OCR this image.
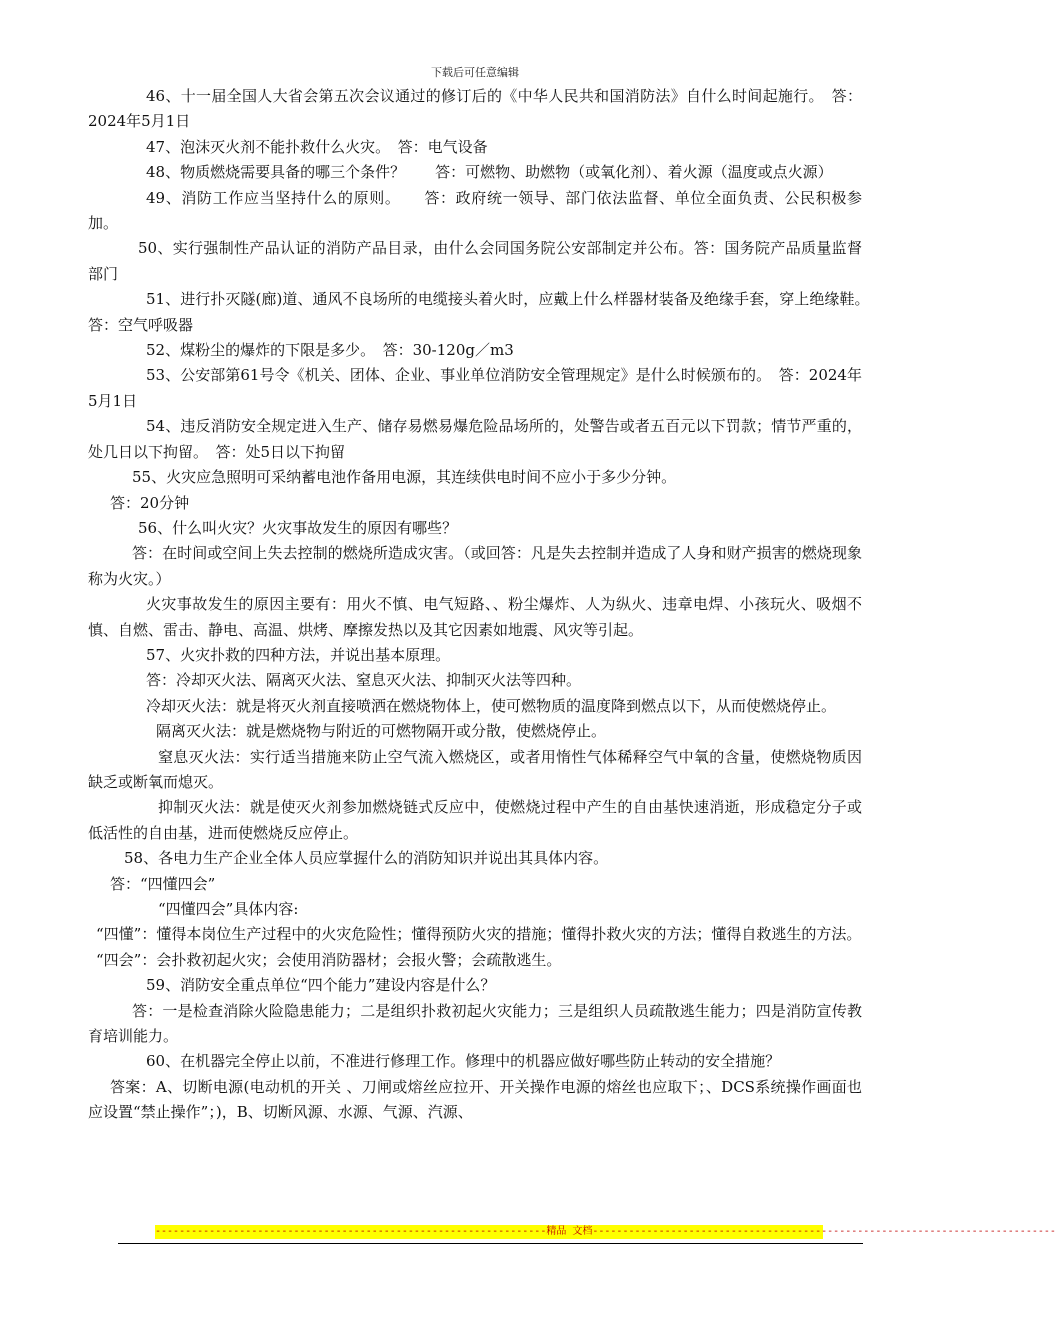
下载后可任意编辑

46、十一届全国人大省会第五次会议通过的修订后的《中华人民共和国消防法》自什么时间起施行。　答：2024年5月1日

47、泡沫灭火剂不能扑救什么火灾。　答：电气设备

48、物质燃烧需要具备的哪三个条件？　　答：可燃物、助燃物（或氧化剂）、着火源（温度或点火源）

49、消防工作应当坚持什么的原则。　　答：政府统一领导、部门依法监督、单位全面负责、公民积极参加。

50、实行强制性产品认证的消防产品目录，由什么会同国务院公安部制定并公布。答：国务院产品质量监督部门

51、进行扑灭隧(廊)道、通风不良场所的电缆接头着火时，应戴上什么样器材装备及绝缘手套，穿上绝缘鞋。　　答：空气呼吸器

52、煤粉尘的爆炸的下限是多少。　答：30-120g／m3

53、公安部第61号令《机关、团体、企业、事业单位消防安全管理规定》是什么时候颁布的。　答：2024年5月1日

54、违反消防安全规定进入生产、储存易燃易爆危险品场所的，处警告或者五百元以下罚款；情节严重的，处几日以下拘留。　答：处5日以下拘留

55、火灾应急照明可采纳蓄电池作备用电源，其连续供电时间不应小于多少分钟。

答：20分钟

56、什么叫火灾？火灾事故发生的原因有哪些？

答：在时间或空间上失去控制的燃烧所造成灾害。（或回答：凡是失去控制并造成了人身和财产损害的燃烧现象称为火灾。）

火灾事故发生的原因主要有：用火不慎、电气短路、、粉尘爆炸、人为纵火、违章电焊、小孩玩火、吸烟不慎、自燃、雷击、静电、高温、烘烤、摩擦发热以及其它因素如地震、风灾等引起。

57、火灾扑救的四种方法，并说出基本原理。

答：冷却灭火法、隔离灭火法、窒息灭火法、抑制灭火法等四种。

冷却灭火法：就是将灭火剂直接喷洒在燃烧物体上，使可燃物质的温度降到燃点以下，从而使燃烧停止。

隔离灭火法：就是燃烧物与附近的可燃物隔开或分散，使燃烧停止。

窒息灭火法：实行适当措施来防止空气流入燃烧区，或者用惰性气体稀释空气中氧的含量，使燃烧物质因缺乏或断氧而熄灭。

抑制灭火法：就是使灭火剂参加燃烧链式反应中，使燃烧过程中产生的自由基快速消逝，形成稳定分子或低活性的自由基，进而使燃烧反应停止。

58、各电力生产企业全体人员应掌握什么的消防知识并说出其具体内容。

答：“四懂四会”

“四懂四会”具体内容:

“四懂”：懂得本岗位生产过程中的火灾危险性；懂得预防火灾的措施；懂得扑救火灾的方法；懂得自救逃生的方法。

“四会”：会扑救初起火灾；会使用消防器材；会报火警；会疏散逃生。

59、消防安全重点单位“四个能力”建设内容是什么？

答：一是检查消除火险隐患能力；二是组织扑救初起火灾能力；三是组织人员疏散逃生能力；四是消防宣传教育培训能力。

60、在机器完全停止以前，不准进行修理工作。修理中的机器应做好哪些防止转动的安全措施？

答案：A、切断电源(电动机的开关 、刀闸或熔丝应拉开、开关操作电源的熔丝也应取下；、DCS系统操作画面也应设置“禁止操作”；)，B、切断风源、水源、气源、汽源、

-----------------------------------------------------------------精品 文档-----------------------------------------------------------------------------
